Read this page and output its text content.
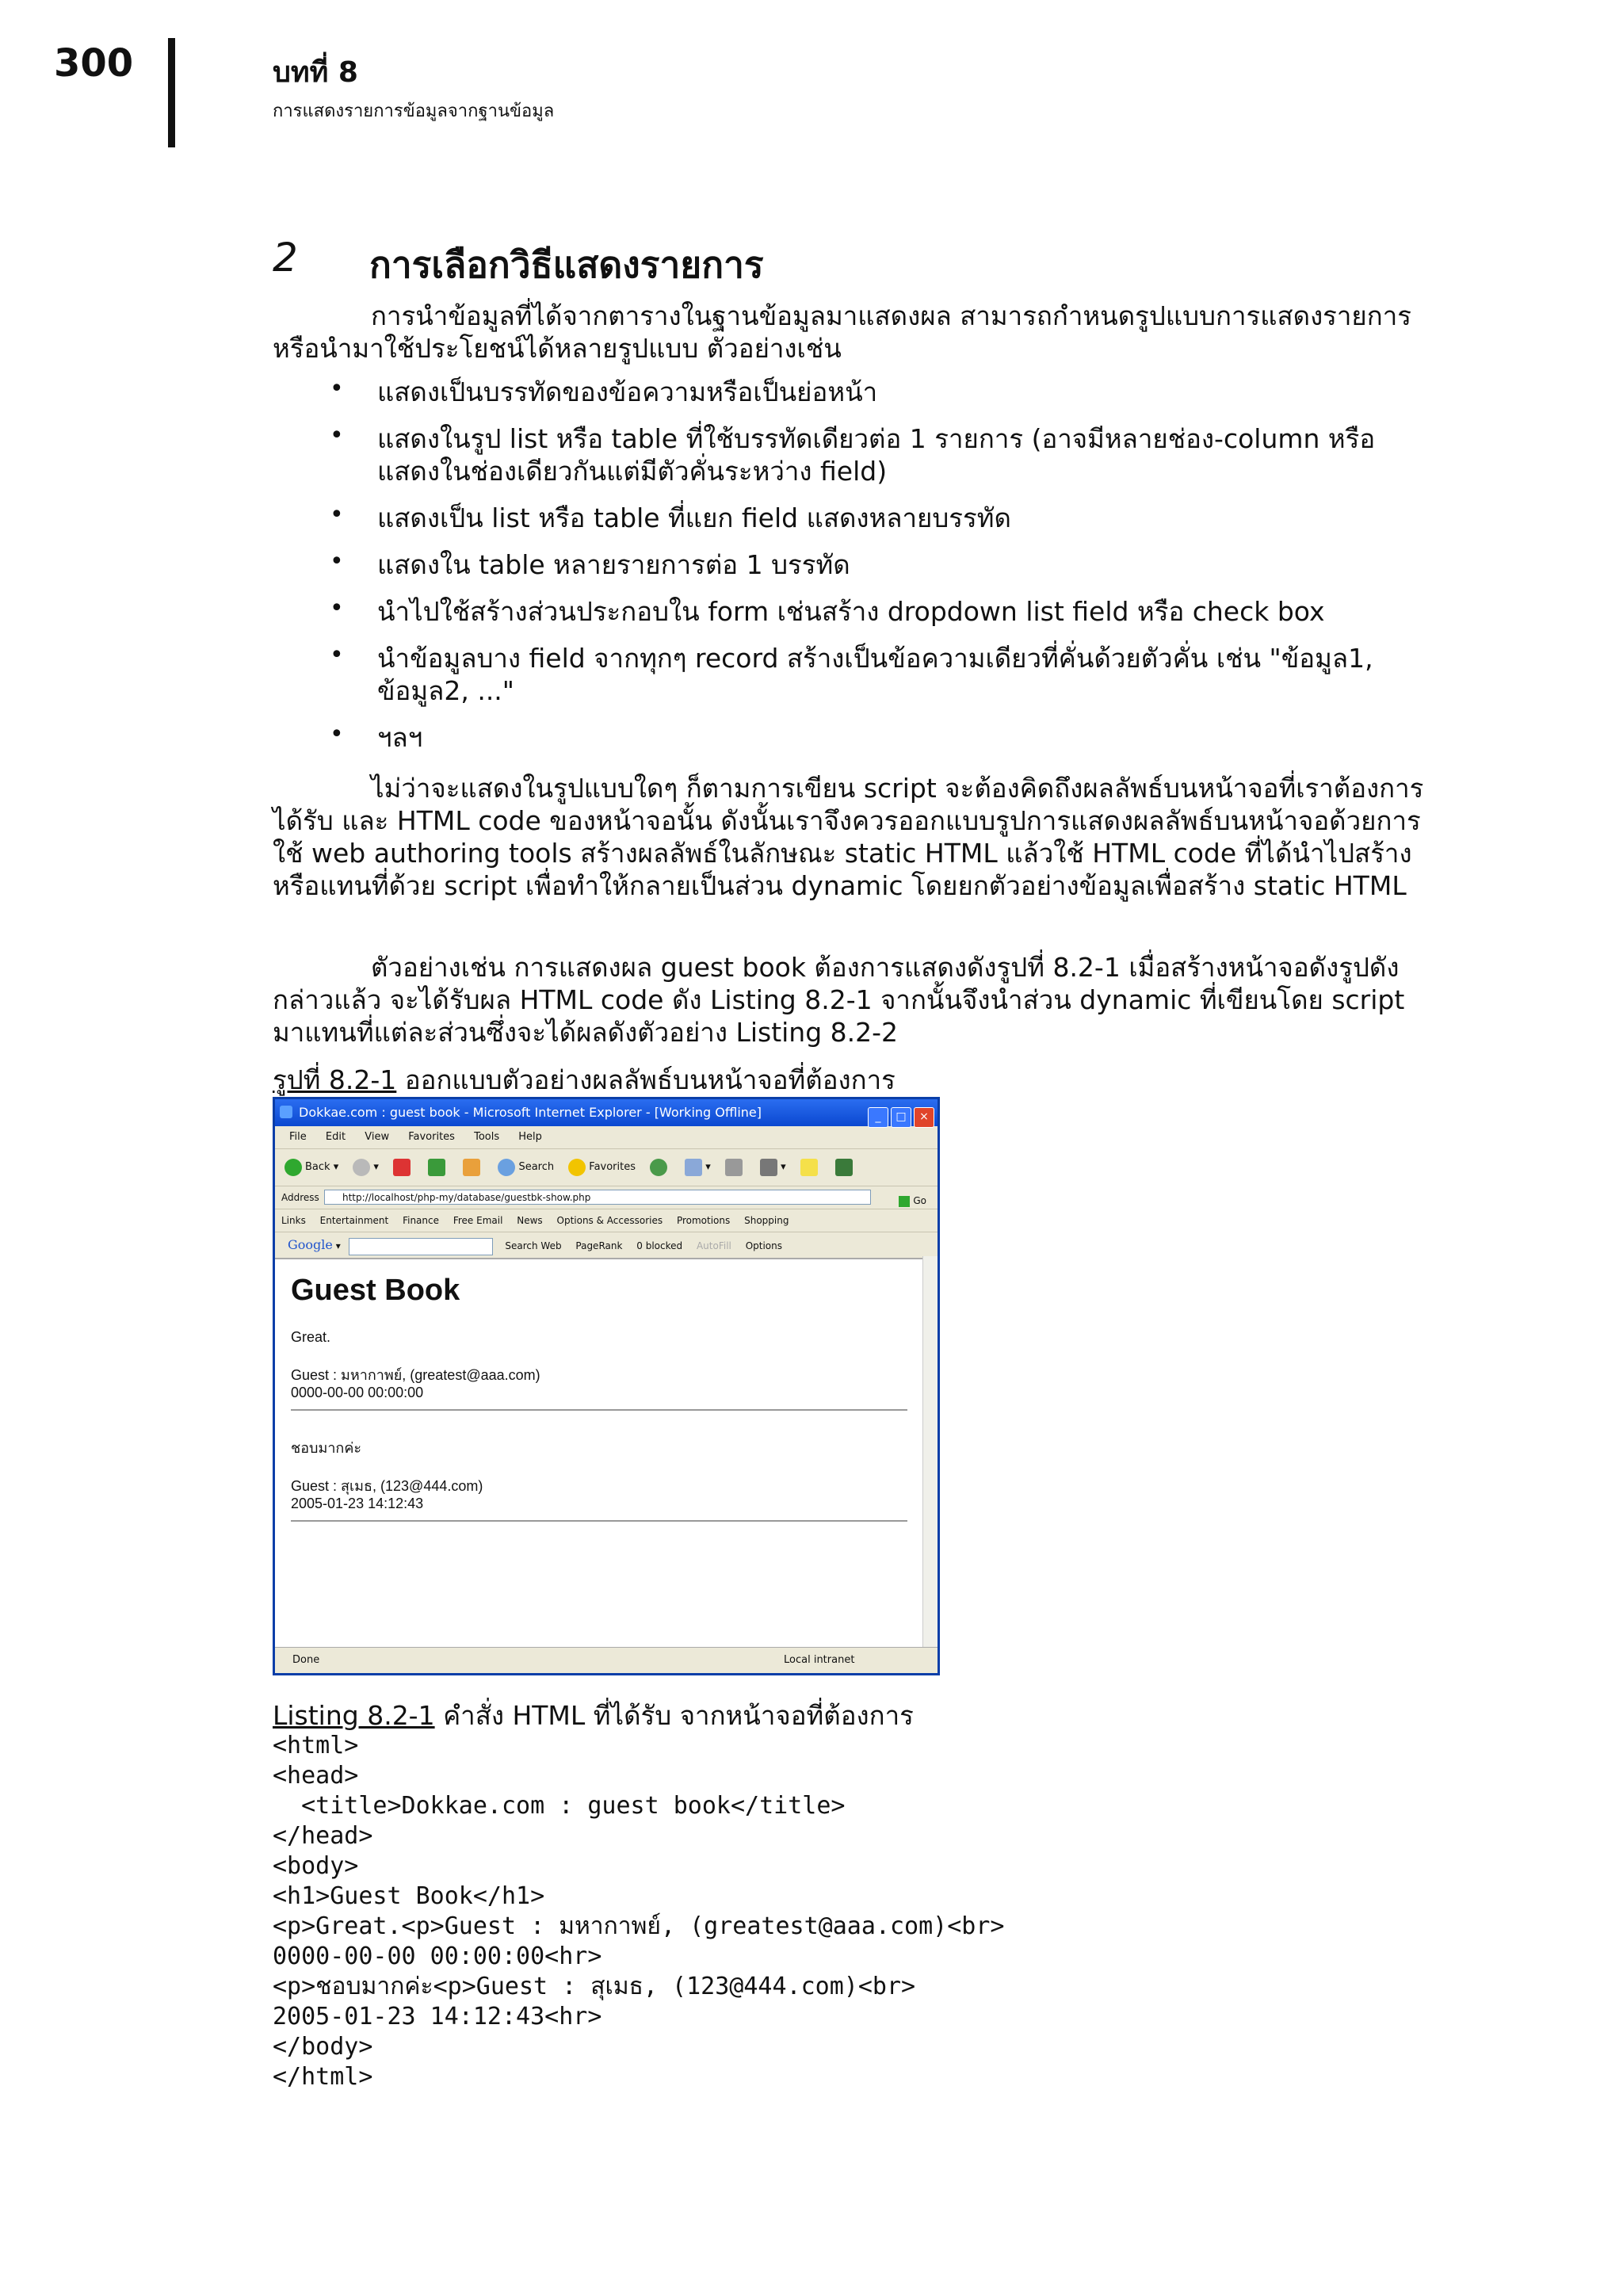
300	บทที่ 8
การแสดงรายการข้อมูลจากฐานข้อมูล
2 การเลือกวิธีแสดงรายการ
การนำข้อมูลที่ได้จากตารางในฐานข้อมูลมาแสดงผล สามารถกำหนดรูปแบบการแสดงรายการ หรือนำมาใช้ประโยชน์ได้หลายรูปแบบ ตัวอย่างเช่น
• แสดงเป็นบรรทัดของข้อความหรือเป็นย่อหน้า
• แสดงในรูป list หรือ table ที่ใช้บรรทัดเดียวต่อ 1 รายการ (อาจมีหลายช่อง-column หรือแสดงในช่องเดียวกันแต่มีตัวคั่นระหว่าง field)
• แสดงเป็น list หรือ table ที่แยก field แสดงหลายบรรทัด
• แสดงใน table หลายรายการต่อ 1 บรรทัด
• นำไปใช้สร้างส่วนประกอบใน form เช่นสร้าง dropdown list field หรือ check box
• นำข้อมูลบาง field จากทุกๆ record สร้างเป็นข้อความเดียวที่คั่นด้วยตัวคั่น เช่น "ข้อมูล1, ข้อมูล2, ..."
• ฯลฯ
ไม่ว่าจะแสดงในรูปแบบใดๆ ก็ตามการเขียน script จะต้องคิดถึงผลลัพธ์บนหน้าจอที่เราต้องการได้รับ และ HTML code ของหน้าจอนั้น ดังนั้นเราจึงควรออกแบบรูปการแสดงผลลัพธ์บนหน้าจอด้วยการใช้ web authoring tools สร้างผลลัพธ์ในลักษณะ static HTML แล้วใช้ HTML code ที่ได้นำไปสร้างหรือแทนที่ด้วย script เพื่อทำให้กลายเป็นส่วน dynamic โดยยกตัวอย่างข้อมูลเพื่อสร้าง static HTML
ตัวอย่างเช่น การแสดงผล guest book ต้องการแสดงดังรูปที่ 8.2-1 เมื่อสร้างหน้าจอดังรูปดังกล่าวแล้ว จะได้รับผล HTML code ดัง Listing 8.2-1 จากนั้นจึงนำส่วน dynamic ที่เขียนโดย script มาแทนที่แต่ละส่วนซึ่งจะได้ผลดังตัวอย่าง Listing 8.2-2
รูปที่ 8.2-1 ออกแบบตัวอย่างผลลัพธ์บนหน้าจอที่ต้องการ
Dokkae.com : guest book - Microsoft Internet Explorer - [Working Offline]	_ □ ×
File Edit View Favorites Tools Help
Back ▾	▾	Search	Favorites	▾	▾
Address	http://localhost/php-my/database/guestbk-show.php	Go
Links Entertainment Finance Free Email News Options & Accessories Promotions Shopping
Google ▾	Search Web PageRank 0 blocked AutoFill Options
Guest Book
Great.
Guest : มหากาพย์, (greatest@aaa.com)
0000-00-00 00:00:00
ชอบมากค่ะ
Guest : สุเมธ, (123@444.com)
2005-01-23 14:12:43
Done	Local intranet
Listing 8.2-1 คำสั่ง HTML ที่ได้รับ จากหน้าจอที่ต้องการ
<html>
<head>
<title>Dokkae.com : guest book</title>
</head>
<body>
<h1>Guest Book</h1>
<p>Great.<p>Guest : มหากาพย์, (greatest@aaa.com)<br>
0000-00-00 00:00:00<hr>
<p>ชอบมากค่ะ<p>Guest : สุเมธ, (123@444.com)<br>
2005-01-23 14:12:43<hr>
</body>
</html>
